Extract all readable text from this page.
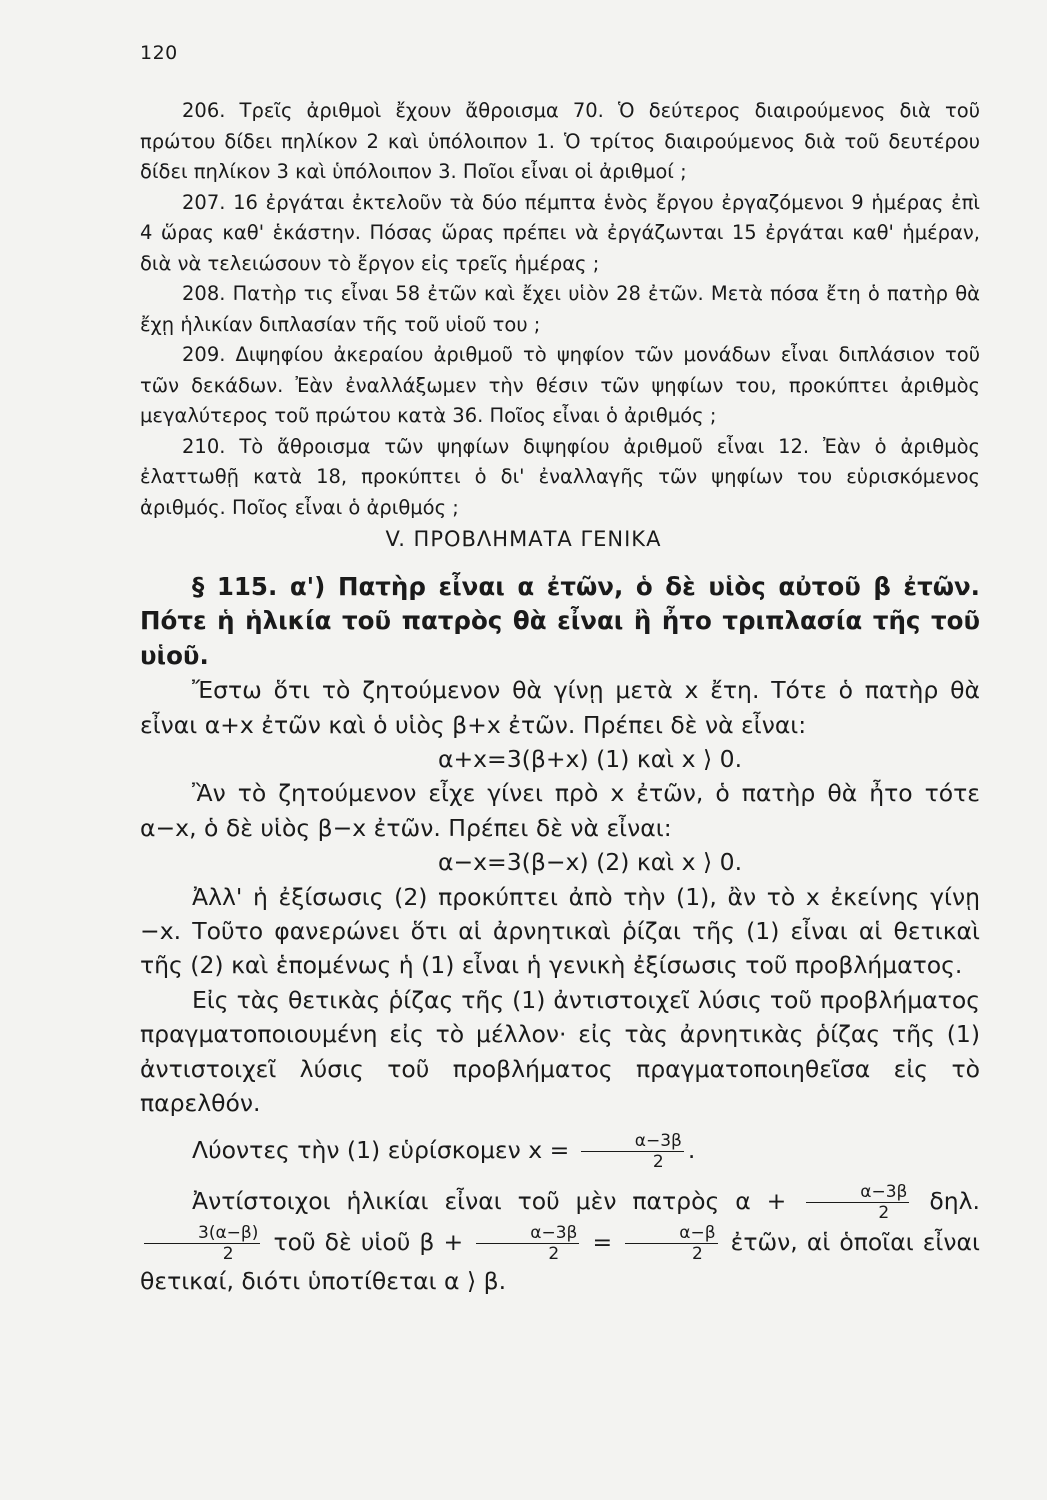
120

206. Τρεῖς ἀριθμοὶ ἔχουν ἄθροισμα 70. Ὁ δεύτερος διαιρούμενος διὰ τοῦ πρώτου δίδει πηλίκον 2 καὶ ὑπόλοιπον 1. Ὁ τρίτος διαιρούμενος διὰ τοῦ δευτέρου δίδει πηλίκον 3 καὶ ὑπόλοιπον 3. Ποῖοι εἶναι οἱ ἀριθμοί ;

207. 16 ἐργάται ἐκτελοῦν τὰ δύο πέμπτα ἑνὸς ἔργου ἐργαζόμενοι 9 ἡμέρας ἐπὶ 4 ὥρας καθ' ἑκάστην. Πόσας ὥρας πρέπει νὰ ἐργάζωνται 15 ἐργάται καθ' ἡμέραν, διὰ νὰ τελειώσουν τὸ ἔργον εἰς τρεῖς ἡμέρας ;

208. Πατὴρ τις εἶναι 58 ἐτῶν καὶ ἔχει υἱὸν 28 ἐτῶν. Μετὰ πόσα ἔτη ὁ πατὴρ θὰ ἔχῃ ἡλικίαν διπλασίαν τῆς τοῦ υἱοῦ του ;

209. Διψηφίου ἀκεραίου ἀριθμοῦ τὸ ψηφίον τῶν μονάδων εἶναι διπλάσιον τοῦ τῶν δεκάδων. Ἐὰν ἐναλλάξωμεν τὴν θέσιν τῶν ψηφίων του, προκύπτει ἀριθμὸς μεγαλύτερος τοῦ πρώτου κατὰ 36. Ποῖος εἶναι ὁ ἀριθμός ;

210. Τὸ ἄθροισμα τῶν ψηφίων διψηφίου ἀριθμοῦ εἶναι 12. Ἐὰν ὁ ἀριθμὸς ἐλαττωθῇ κατὰ 18, προκύπτει ὁ δι' ἐναλλαγῆς τῶν ψηφίων του εὑρισκόμενος ἀριθμός. Ποῖος εἶναι ὁ ἀριθμός ;

V. ΠΡΟΒΛΗΜΑΤΑ ΓΕΝΙΚΑ

§ 115. α') Πατὴρ εἶναι α ἐτῶν, ὁ δὲ υἱὸς αὐτοῦ β ἐτῶν. Πότε ἡ ἡλικία τοῦ πατρὸς θὰ εἶναι ἢ ἦτο τριπλασία τῆς τοῦ υἱοῦ.

Ἔστω ὅτι τὸ ζητούμενον θὰ γίνῃ μετὰ x ἔτη. Τότε ὁ πατὴρ θὰ εἶναι α+x ἐτῶν καὶ ὁ υἱὸς β+x ἐτῶν. Πρέπει δὲ νὰ εἶναι:

α+x=3(β+x) (1) καὶ x ⟩ 0.

Ἂν τὸ ζητούμενον εἶχε γίνει πρὸ x ἐτῶν, ὁ πατὴρ θὰ ἦτο τότε α−x, ὁ δὲ υἱὸς β−x ἐτῶν. Πρέπει δὲ νὰ εἶναι:

α−x=3(β−x) (2) καὶ x ⟩ 0.

Ἀλλ' ἡ ἐξίσωσις (2) προκύπτει ἀπὸ τὴν (1), ἂν τὸ x ἐκείνης γίνῃ −x. Τοῦτο φανερώνει ὅτι αἱ ἀρνητικαὶ ῥίζαι τῆς (1) εἶναι αἱ θετικαὶ τῆς (2) καὶ ἑπομένως ἡ (1) εἶναι ἡ γενικὴ ἐξίσωσις τοῦ προβλήματος.

Εἰς τὰς θετικὰς ῥίζας τῆς (1) ἀντιστοιχεῖ λύσις τοῦ προβλήματος πραγματοποιουμένη εἰς τὸ μέλλον· εἰς τὰς ἀρνητικὰς ῥίζας τῆς (1) ἀντιστοιχεῖ λύσις τοῦ προβλήματος πραγματοποιηθεῖσα εἰς τὸ παρελθόν.

Λύοντες τὴν (1) εὑρίσκομεν $x = \frac{\alpha-3\beta}{2}$ .

Ἀντίστοιχοι ἡλικίαι εἶναι τοῦ μὲν πατρὸς $\alpha + \frac{\alpha-3\beta}{2} \delta\eta\lambda$.
$\frac{3(\alpha-\beta)}{2}$ τοῦ δὲ υἱοῦ $\beta + \frac{\alpha-3\beta}{2} = \frac{\alpha-\beta}{2}$ ἐτῶν, αἱ ὁποῖαι εἶναι θετικαί, διότι ὑποτίθεται α ⟩ β.
